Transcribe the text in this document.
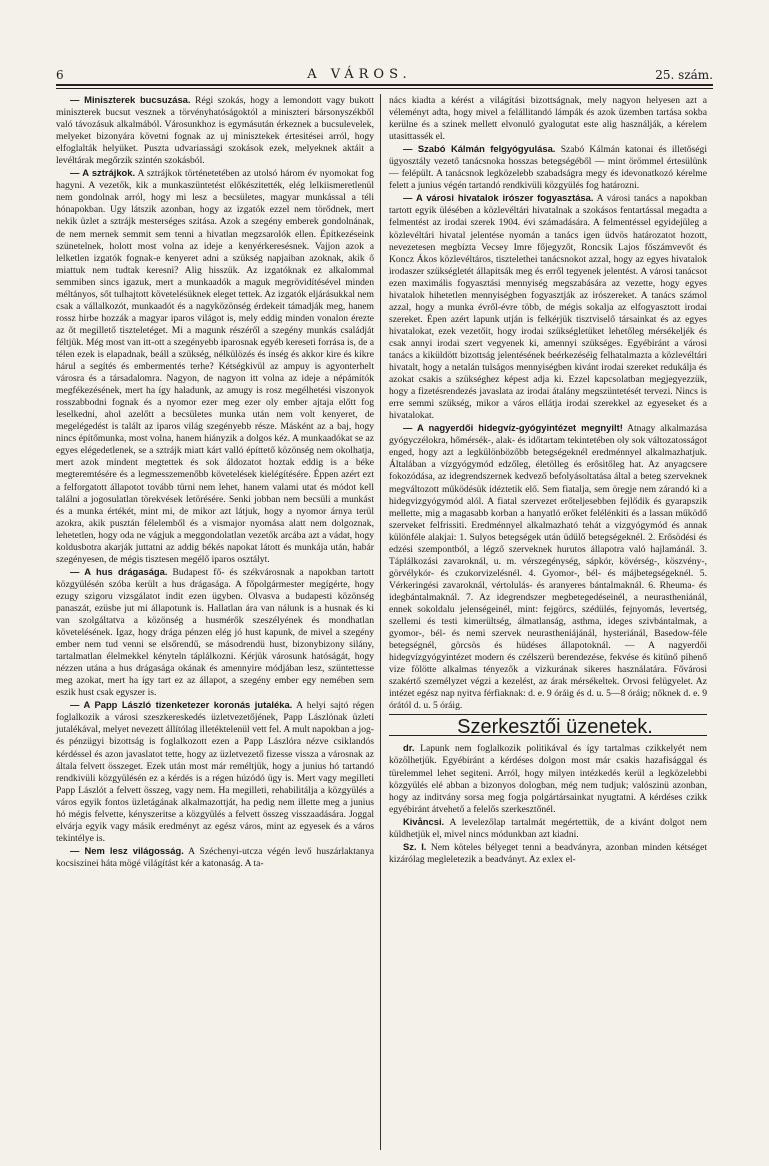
6	A VÁROS.	25. szám.

— Miniszterek bucsuzása. Régi szokás, hogy a lemondott vagy bukott miniszterek bucsut vesznek a törvényhatóságoktól a miniszteri bársonyszékből való távozásuk alkalmából. Városunkhoz is egymásután érkeznek a bucsulevelek, melyeket bizonyára követni fognak az uj minisztekek értesitései arról, hogy elfoglalták helyüket. Puszta udvariassági szokások ezek, melyeknek aktáit a levéltárak megőrzik szintén szokásból.

— A sztrájkok. A sztrájkok történetetében az utolsó három év nyomokat fog hagyni. A vezetők, kik a munkaszüntetést előkészitették, elég lelkiismeretlenül nem gondolnak arról, hogy mi lesz a becsületes, magyar munkással a téli hónapokban. Ugy látszik azonban, hogy az izgatók ezzel nem törődnek, mert nekik üzlet a sztrájk mesterséges szitása. Azok a szegény emberek gondolnának, de nem mernek semmit sem tenni a hivatlan megzsarolók ellen. Építkezéseink szünetelnek, holott most volna az ideje a kenyérkeresésnek. Vajjon azok a lelketlen izgatók fognak-e kenyeret adni a szükség napjaiban azoknak, akik ő miattuk nem tudtak keresni? Alig hisszük. Az izgatóknak ez alkalommal semmiben sincs igazuk, mert a munkaadók a maguk megrövidítésével minden méltányos, sőt tulhajtott követelésüknek eleget tettek. Az izgatók eljárásukkal nem csak a vállalkozót, munkaadót és a nagyközönség érdekeit támadják meg, hanem rossz hirbe hozzák a magyar iparos világot is, mely eddig minden vonalon érezte az őt megillető tiszteletéget. Mi a magunk részéről a szegény munkás családját féltjük. Még most van itt-ott a szegényebb iparosnak egyéb kereseti forrása is, de a télen ezek is elapadnak, beáll a szükség, nélkülözés és ínség és akkor kire és kikre hárul a segítés és embermentés terhe? Kétségkivül az ampuy is agyonterhelt városra és a társadalomra. Nagyon, de nagyon itt volna az ideje a népámítók megfékezésének, mert ha így haladunk, az amugy is rosz megélhetési viszonyok rosszabbodni fognak és a nyomor ezer meg ezer oly ember ajtaja előtt fog leselkedni, ahol azelőtt a becsületes munka után nem volt kenyeret, de megelégedést is talált az iparos világ szegényebb része. Másként az a baj, hogy nincs építőmunka, most volna, hanem hiányzik a dolgos kéz. A munkaadókat se az egyes elégedetlenek, se a sztrájk miatt kárt valló építtető közönség nem okolhatja, mert azok mindent megtettek és sok áldozatot hoztak eddig is a béke megteremtésére és a legmesszemenőbb követelések kielégítésére. Éppen azért ezt a felforgatott állapotot tovább türni nem lehet, hanem valami utat és módot kell találni a jogosulatlan törekvések letörésére. Senki jobban nem becsüli a munkást és a munka értékét, mint mi, de mikor azt látjuk, hogy a nyomor árnya terül azokra, akik pusztán félelemből és a vismajor nyomása alatt nem dolgoznak, lehetetlen, hogy oda ne vágjuk a meggondolatlan vezetők arcába azt a vádat, hogy koldusbotra akarják juttatni az addig békés napokat látott és munkája után, habár szegényesen, de mégis tisztesen megélő iparos osztályt.

— A hus drágasága. Budapest fő- és székvárosnak a napokban tartott közgyülésén szóba került a hus drágasága. A főpolgármester megígérte, hogy ezugy szigoru vizsgálatot indit ezen ügyben. Olvasva a budapesti közönség panaszát, ezüsbe jut mi állapotunk is. Hallatlan ára van nálunk is a husnak és ki van szolgáltatva a közönség a husmérők szeszélyének és mondhatlan követelésének. Igaz, hogy drága pénzen elég jó hust kapunk, de mivel a szegény ember nem tud venni se elsőrendű, se másodrendü hust, bizonybizony silány, tartalmatlan élelmekkel kényteln táplálkozni. Kérjük városunk hatóságát, hogy nézzen utána a hus drágasága okának és amennyire módjában lesz, szüntettesse meg azokat, mert ha így tart ez az állapot, a szegény ember egy nemében sem eszik hust csak egyszer is.

— A Papp László tizenketezer koronás jutaléka. A helyi sajtó régen foglalkozik a városi szeszkereskedés üzletvezetőjének, Papp Lászlónak üzleti jutalékával, melyet nevezett állítólag illetéktelenül vett fel. A mult napokban a jog- és pénzügyi bizottság is foglalkozott ezen a Papp Lászlóra nézve csiklandós kérdéssel és azon javaslatot tette, hogy az üzletvezető fizesse vissza a városnak az általa felvett összeget. Ezek után most már reméltjük, hogy a junius hó tartandó rendkivüli közgyülésén ez a kérdés is a régen húzódó ügy is. Mert vagy megilleti Papp Lászlót a felvett összeg, vagy nem. Ha megilleti, rehabilitálja a közgyülés a város egyik fontos üzletágának alkalmazottját, ha pedig nem illette meg a junius hó mégis felvette, kényszeritse a közgyülés a felvett összeg visszaadására. Joggal elvárja egyik vagy másik eredményt az egész város, mint az egyesek és a város tekintélye is.

— Nem lesz világosság. A Széchenyi-utcza végén levő huszárlaktanya kocsiszinei háta mögé világítást kér a katonaság. A ta-

nács kiadta a kérést a világítási bizottságnak, mely nagyon helyesen azt a véleményt adta, hogy mivel a felállitandó lámpák és azok üzemben tartása sokba kerülne és a szinek mellett elvonuló gyalogutat este alig használják, a kérelem utasittassék el.

— Szabó Kálmán felgyógyulása. Szabó Kálmán katonai és illetőségi ügyosztály vezető tanácsnoka hosszas betegségéből — mint örömmel értesülünk — felépült. A tanácsnok legközelebb szabadságra megy és idevonatkozó kérelme felett a junius végén tartandó rendkivüli közgyülés fog határozni.

— A városi hivatalok irószer fogyasztása. A városi tanács a napokban tartott egyik ülésében a közlevéltári hivatalnak a szokásos fentartással megadta a felmentést az irodai szerek 1904. évi számadására. A felmentéssel egyidejüleg a közlevéltári hivatal jelentése nyomán a tanács igen üdvös határozatot hozott, nevezetesen megbízta Vecsey Imre főjegyzőt, Roncsik Lajos főszámvevőt és Koncz Ákos közlevéltáros, tisztelethei tanácsnokot azzal, hogy az egyes hivatalok irodaszer szükségletét állapitsák meg és erről tegyenek jelentést. A városi tanácsot ezen maximális fogyasztási mennyiség megszabására az vezette, hogy egyes hivatalok hihetetlen mennyiségben fogyasztják az irószereket. A tanács számol azzal, hogy a munka évről-évre több, de mégis sokalja az elfogyasztott irodai szereket. Épen azért lapunk utján is felkérjük tisztviselő társainkat és az egyes hivatalokat, ezek vezetőit, hogy irodai szükségletüket lehetőleg mérsékeljék és csak annyi irodai szert vegyenek ki, amennyi szükséges. Egyébiránt a városi tanács a kiküldött bizottság jelentésének beérkezéséig felhatalmazta a közlevéltári hivatalt, hogy a netalán tulságos mennyiségben kivánt irodai szereket redukálja és azokat csakis a szükséghez képest adja ki. Ezzel kapcsolatban megjegyezzük, hogy a fizetésrendezés javaslata az irodai átalány megszüntetését tervezi. Nincs is erre semmi szükség, mikor a város ellátja irodai szerekkel az egyeseket és a hivatalokat.

— A nagyerdői hidegvíz-gyógyintézet megnyilt! Atnagy alkalmazása gyógyczélokra, hőmérsék-, alak- és időtartam tekintetében oly sok változatosságot enged, hogy azt a legkülönbözőbb betegségeknél eredménnyel alkalmazhatjuk. Általában a vízgyógymód edzőleg, életölleg és erősitőleg hat. Az anyagcsere fokozódása, az idegrendszernek kedvező befolyásoltatása által a beteg szerveknek megváltozott működésük idéztetik elő. Sem fiatalja, sem öregje nem zárandó ki a hidegvizgyógymód alól. A fiatal szervezet erőteljesebben fejlődik és gyarapszik mellette, mig a magasabb korban a hanyatló erőket felélénkiti és a lassan működő szerveket felfrissiti. Eredménnyel alkalmazható tehát a vizgyógymód és annak különféle alakjai: 1. Sulyos betegségek után üdülő betegségeknél. 2. Erősödési és edzési szempontból, a légző szerveknek hurutos állapotra való hajlamánál. 3. Táplálkozási zavaroknál, u. m. vérszegénység, sápkór, kövérség-, köszvény-, görvélykór- és czukorvizelésnél. 4. Gyomor-, bél- és májbetegségeknél. 5. Vérkeringési zavaroknál, vértolulás- és aranyeres bántalmaknál. 6. Rheuma- és idegbántalmaknál. 7. Az idegrendszer megbetegedéseinél, a neurastheniánál, ennek sokoldalu jelenségeinél, mint: fejgörcs, szédülés, fejnyomás, levertség, szellemi és testi kimerültség, álmatlanság, asthma, ideges szivbántalmak, a gyomor-, bél- és nemi szervek neurastheniájánál, hysteriánál, Basedow-féle betegségnél, görcsös és hüdéses állapotoknál. — A nagyerdői hidegvízgyógyintézet modern és czélszerü berendezése, fekvése és kitünő pihenő vize fölötte alkalmas tényezők a vizkurának sikeres használatára. Fővárosi szakértő személyzet végzi a kezelést, az árak mérsékeltek. Orvosi felügyelet. Az intézet egész nap nyitva férfiaknak: d. e. 9 óráig és d. u. 5—8 óráig; nőknek d. e. 9 órától d. u. 5 óráig.

Szerkesztői üzenetek.

dr. Lapunk nem foglalkozik politikával és így tartalmas czikkelyét nem közölhetjük. Egyébiránt a kérdéses dolgon most már csakis hazafisággal és türelemmel lehet segiteni. Arról, hogy milyen intézkedés kerül a legközelebbi közgyülés elé abban a bizonyos dologban, még nem tudjuk; valószinü azonban, hogy az inditvány sorsa meg fogja polgártársainkat nyugtatni. A kérdéses czikk egyébiránt átvehető a felelős szerkesztőnél.

Kivåncsi. A levelezőlap tartalmát megértettük, de a kivánt dolgot nem küldhetjük el, mivel nincs módunkban azt kiadni.

Sz. I. Nem köteles bélyeget tenni a beadványra, azonban minden kétséget kizárólag megleletezik a beadványt. Az exlex el-
